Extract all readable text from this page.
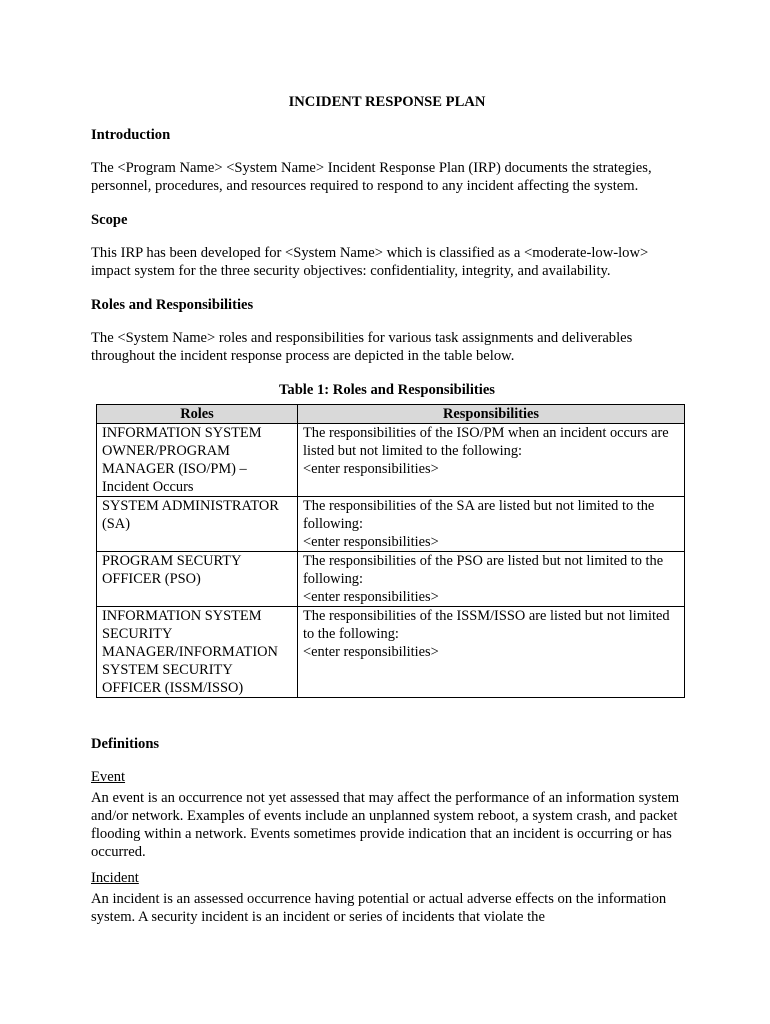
INCIDENT RESPONSE PLAN
Introduction
The <Program Name> <System Name> Incident Response Plan (IRP) documents the strategies, personnel, procedures, and resources required to respond to any incident affecting the system.
Scope
This IRP has been developed for <System Name> which is classified as a <moderate-low-low> impact system for the three security objectives: confidentiality, integrity, and availability.
Roles and Responsibilities
The <System Name> roles and responsibilities for various task assignments and deliverables throughout the incident response process are depicted in the table below.
Table 1: Roles and Responsibilities
Roles	Responsibilities
INFORMATION SYSTEM OWNER/PROGRAM MANAGER (ISO/PM) – Incident Occurs	The responsibilities of the ISO/PM when an incident occurs are listed but not limited to the following:
<enter responsibilities>
SYSTEM ADMINISTRATOR (SA)	The responsibilities of the SA are listed but not limited to the following:
<enter responsibilities>
PROGRAM SECURTY OFFICER (PSO)	The responsibilities of the PSO are listed but not limited to the following:
<enter responsibilities>
INFORMATION SYSTEM SECURITY MANAGER/INFORMATION SYSTEM SECURITY OFFICER (ISSM/ISSO)	The responsibilities of the ISSM/ISSO are listed but not limited to the following:
<enter responsibilities>
Definitions
Event
An event is an occurrence not yet assessed that may affect the performance of an information system and/or network. Examples of events include an unplanned system reboot, a system crash, and packet flooding within a network. Events sometimes provide indication that an incident is occurring or has occurred.
Incident
An incident is an assessed occurrence having potential or actual adverse effects on the information system. A security incident is an incident or series of incidents that violate the
